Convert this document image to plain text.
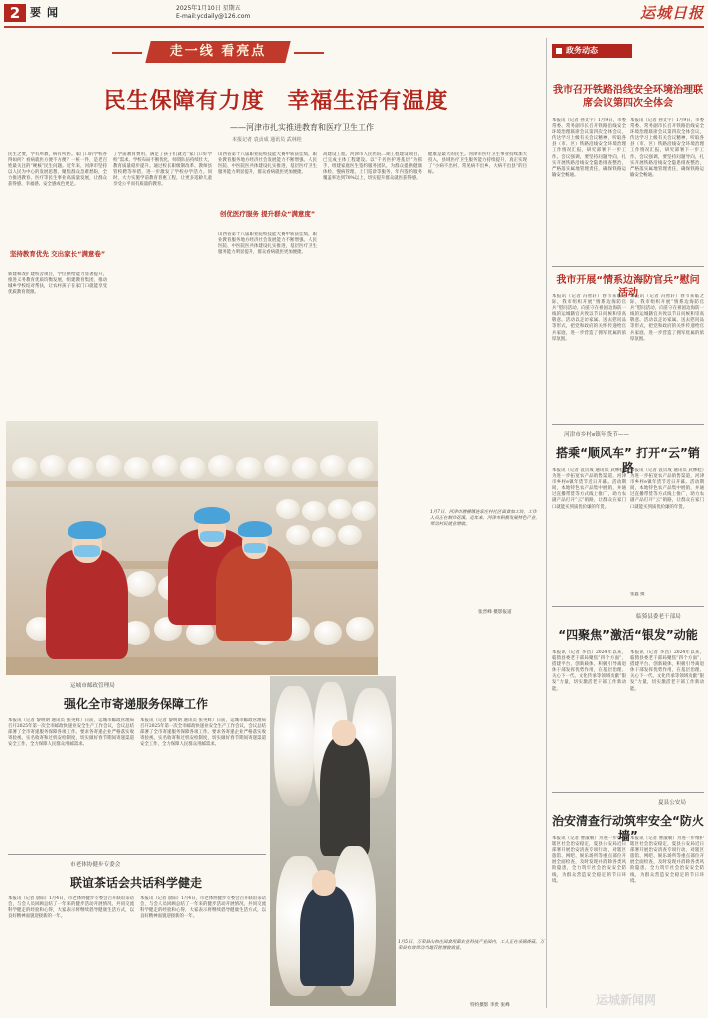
2 要闻	2025年1月10日 星期五
E-mail:ycdaily@126.com	运城日报
走一线 看亮点
民生保障有力度 幸福生活有温度
——河津市扎实推进教育和医疗卫生工作
本报记者 袁贞成 通讯员 武林桂
民生之要，学有所教，病有所医。家门口的学校办得如何？看病就医方便不方便？一桩一件，是老百姓最关注的“硬核”民生问题。近年来，河津市坚持以人民为中心的发展思想，聚焦群众急难愁盼，全力推进教育、医疗等民生事业高质量发展，让群众获得感、幸福感、安全感成色更足。
坚持教育优先 交出家长“满意卷”
新建和改扩建校舍项目，学位供给能力显著提升。推进义务教育优质均衡发展，组建教育集团，推动城乡学校结对帮扶，让农村孩子在家门口就能享受优质教育资源。
了学前教育费用，满足了孩子们就近“家门口好学校”需求。学校布局不断优化，师资队伍持续壮大，教育质量稳步提升。通过校长职级制改革、教师县管校聘等举措，进一步激发了学校办学活力。同时，大力实施学前教育普惠工程，让更多适龄儿童享受公平而有质量的教育。
山西省第十八届职业院校技能大赛中斩获佳绩，职业教育服务地方经济社会发展能力不断增强。人民医院、中医院医共体建设扎实推进，基层医疗卫生服务能力明显提升，群众看病就医更加便捷。
创优医疗服务 提升群众“满意度”
山西省第十八届职业院校技能大赛中斩获佳绩，职业教育服务地方经济社会发展能力不断增强。人民医院、中医院医共体建设扎实推进，基层医疗卫生服务能力明显提升，群众看病就医更加便捷。
高建设工程。河津市人民医院二期工程建设项目，已完成主体工程建设。以“千名医护进基层”为抓手，组建家庭医生签约服务团队，为群众提供健康体检、慢病管理、上门巡诊等服务，年内签约服务覆盖率达到70%以上，切实提升群众就医获得感。
健康是最大的民生。河津市医疗卫生事业持续加大投入，县域医疗卫生服务能力持续提升，真正实现了“小病不出村、常见病不出乡、大病不出县”的目标。
1月7日，河津市僧楼镇连家庄村社区面食加工坊，工作人员正在制作花馍。近年来，河津市积极发展特色产业，带动村民就业增收。
张晋峰 摄影报道
运城市邮政管理局
强化全市寄递服务保障工作
本报讯（记者 黎明朗 通讯员 张英辉）日前，运城市邮政管理局召开2025年第一次全市邮政快递业安全生产工作会议，会议总结部署了全市寄递服务保障各项工作。要求各寄递企业严格落实收寄验视、实名收寄和过机安检制度，切实做好春节期间寄递渠道安全工作，全力保障人民群众用邮需求。
本报讯（记者 黎明朗 通讯员 张英辉）日前，运城市邮政管理局召开2025年第一次全市邮政快递业安全生产工作会议，会议总结部署了全市寄递服务保障各项工作。要求各寄递企业严格落实收寄验视、实名收寄和过机安检制度，切实做好春节期间寄递渠道安全工作，全力保障人民群众用邮需求。
市老体协健步专委会
联谊茶话会共话科学健走
本报讯（记者 晨阳）1月4日，市老体协健步专委会召开联谊茶话会，与会人员回顾总结了一年来的健步活动开展情况，共同交流科学健走的经验和心得，大家表示将继续倡导健康生活方式，以良好精神面貌迎接新的一年。
本报讯（记者 晨阳）1月4日，市老体协健步专委会召开联谊茶话会，与会人员回顾总结了一年来的健步活动开展情况，共同交流科学健走的经验和心得，大家表示将继续倡导健康生活方式，以良好精神面貌迎接新的一年。
1月5日，万荣县山和庄园食用菌农业科技产业园内，工人正在采摘香菇。万荣县有效带动当地百姓增收致富。
特约摄影 李贵 张峰
政务动态
我市召开铁路沿线安全环境治理联席会议第四次全体会
本报讯（记者 孙文宇）1月9日，市委常委、常务副市长召开铁路沿线安全环境治理联席会议第四次全体会议，传达学习上级有关会议精神，听取各县（市、区）铁路沿线安全环境治理工作情况汇报，研究部署下一步工作。会议强调，要坚持问题导向，扎实开展铁路沿线安全隐患排查整治，严格落实属地管理责任，确保铁路运输安全畅通。
本报讯（记者 孙文宇）1月9日，市委常委、常务副市长召开铁路沿线安全环境治理联席会议第四次全体会议，传达学习上级有关会议精神，听取各县（市、区）铁路沿线安全环境治理工作情况汇报，研究部署下一步工作。会议强调，要坚持问题导向，扎实开展铁路沿线安全隐患排查整治，严格落实属地管理责任，确保铁路运输安全畅通。
我市开展“情系边海防官兵”慰问活动
本报讯（记者 冯智轩）春节来临之际，我市组织开展“情系边海防官兵”慰问活动，向驻守在祖国边海防一线的运城籍官兵致以节日问候和崇高敬意。活动以走访家属、送去慰问品等形式，把党和政府的关怀传递给官兵家庭，进一步营造了拥军优属的浓厚氛围。
本报讯（记者 冯智轩）春节来临之际，我市组织开展“情系边海防官兵”慰问活动，向驻守在祖国边海防一线的运城籍官兵致以节日问候和崇高敬意。活动以走访家属、送去慰问品等形式，把党和政府的关怀传递给官兵家庭，进一步营造了拥军优属的浓厚氛围。
河津市乡村e镇年货节——
搭乘“顺风车” 打开“云”销路
本报讯（记者 袁贞成 通讯员 武林桂）为进一步拓宽农产品销售渠道，河津市乡村e镇年货节近日开幕。活动期间，本地特色农产品集中展销，并通过直播带货等方式线上推广，助力农副产品打开“云”销路，让群众在家门口就能买到质优价廉的年货。
本报讯（记者 袁贞成 通讯员 武林桂）为进一步拓宽农产品销售渠道，河津市乡村e镇年货节近日开幕。活动期间，本地特色农产品集中展销，并通过直播带货等方式线上推广，助力农副产品打开“云”销路，让群众在家门口就能买到质优价廉的年货。
张鑫 摄
临猗县委老干部局
“四聚焦”激活“银发”动能
本报讯（记者 李昌）2024年以来，临猗县委老干部局聚焦“四个方面”，搭建平台、创新载体，积极引导离退休干部发挥优势作用，在基层治理、关心下一代、文化传承等领域贡献“银发”力量，切实激活老干部工作新动能。
本报讯（记者 李昌）2024年以来，临猗县委老干部局聚焦“四个方面”，搭建平台、创新载体，积极引导离退休干部发挥优势作用，在基层治理、关心下一代、文化传承等领域贡献“银发”力量，切实激活老干部工作新动能。
夏县公安局
治安清查行动筑牢安全“防火墙”
本报讯（记者 曹淑朝）为进一步维护辖区社会治安稳定，夏县公安局近日部署开展治安清查专项行动，对辖区旅馆、网吧、娱乐场所等重点部位开展全面检查，及时发现并消除各类风险隐患，全力筑牢社会治安安全防线，为群众营造安全稳定的节日环境。
本报讯（记者 曹淑朝）为进一步维护辖区社会治安稳定，夏县公安局近日部署开展治安清查专项行动，对辖区旅馆、网吧、娱乐场所等重点部位开展全面检查，及时发现并消除各类风险隐患，全力筑牢社会治安安全防线，为群众营造安全稳定的节日环境。
运城新闻网
